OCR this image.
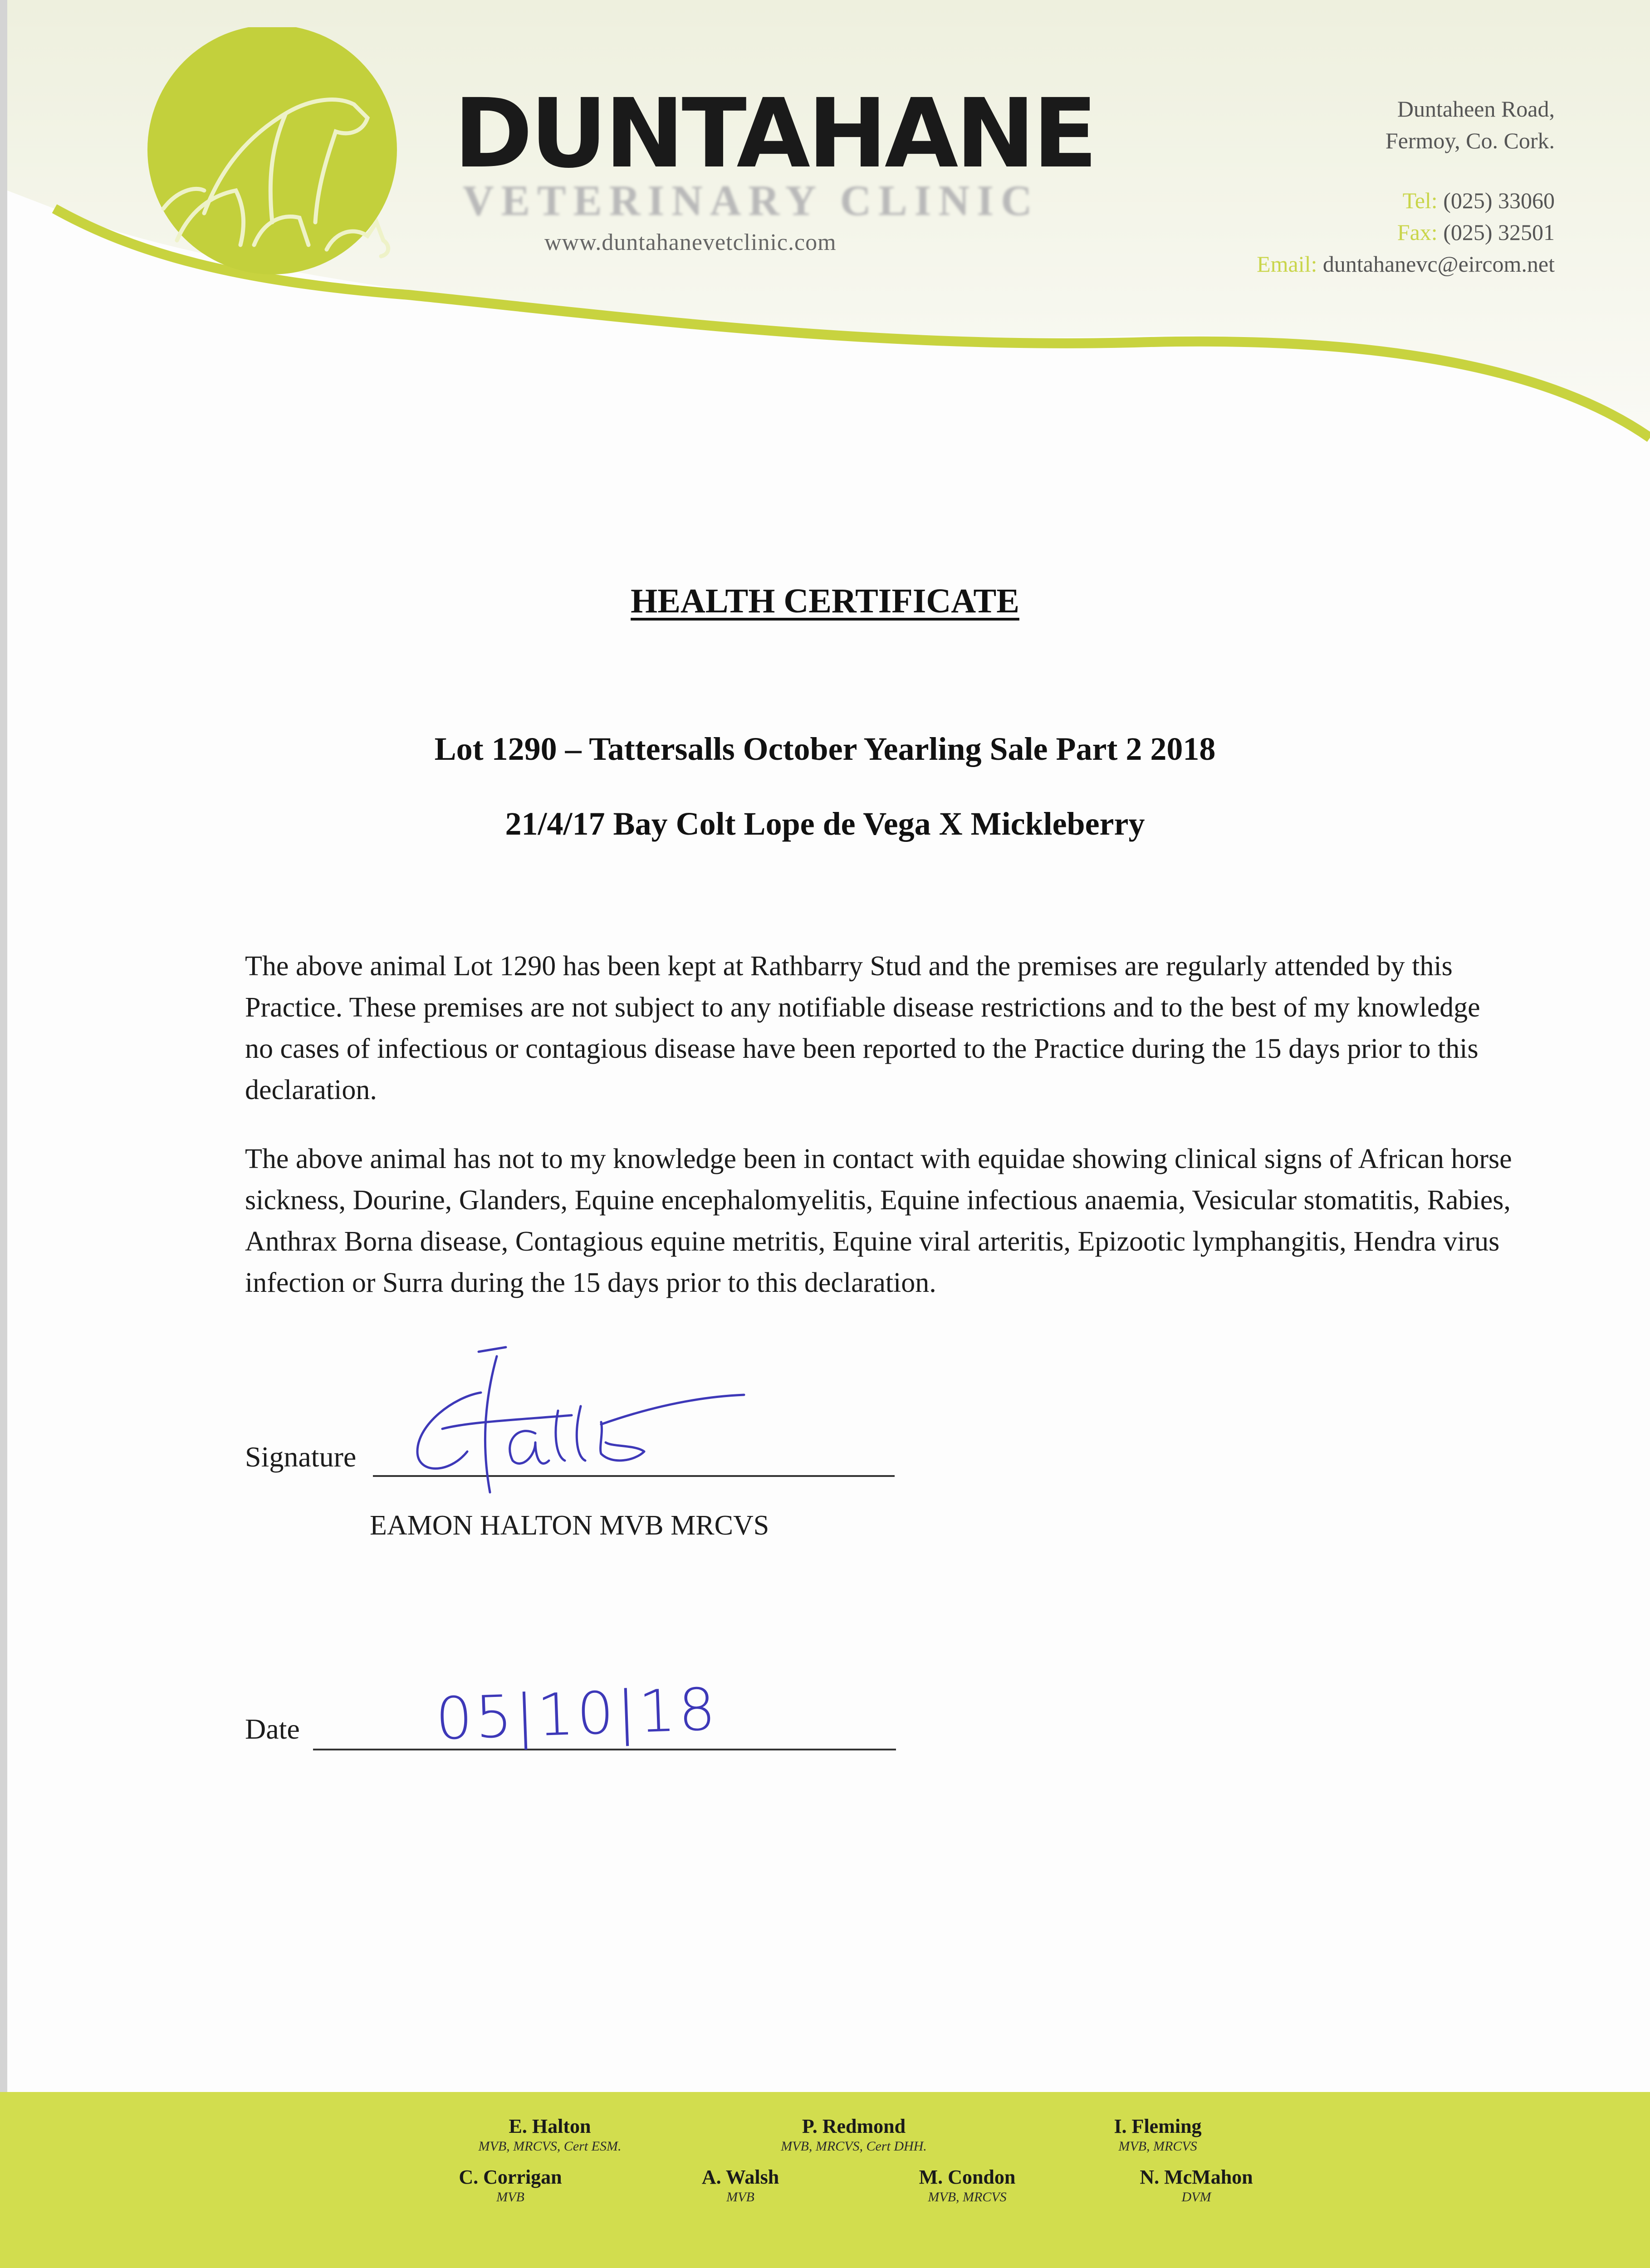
DUNTAHANE
VETERINARY CLINIC
www.duntahanevetclinic.com
Duntaheen Road,
Fermoy, Co. Cork.
Tel: (025) 33060
Fax: (025) 32501
Email: duntahanevc@eircom.net
HEALTH CERTIFICATE
Lot 1290 – Tattersalls October Yearling Sale Part 2 2018
21/4/17 Bay Colt Lope de Vega X Mickleberry
The above animal Lot 1290 has been kept at Rathbarry Stud and the premises are regularly attended by this Practice. These premises are not subject to any notifiable disease restrictions and to the best of my knowledge no cases of infectious or contagious disease have been reported to the Practice during the 15 days prior to this declaration.
The above animal has not to my knowledge been in contact with equidae showing clinical signs of African horse sickness, Dourine, Glanders, Equine encephalomyelitis, Equine infectious anaemia, Vesicular stomatitis, Rabies, Anthrax Borna disease, Contagious equine metritis, Equine viral arteritis, Epizootic lymphangitis, Hendra virus infection or Surra during the 15 days prior to this declaration.
Signature
EAMON HALTON MVB MRCVS
Date 05|10|18
E. Halton
MVB, MRCVS, Cert ESM.
P. Redmond
MVB, MRCVS, Cert DHH.
I. Fleming
MVB, MRCVS
C. Corrigan
MVB
A. Walsh
MVB
M. Condon
MVB, MRCVS
N. McMahon
DVM
